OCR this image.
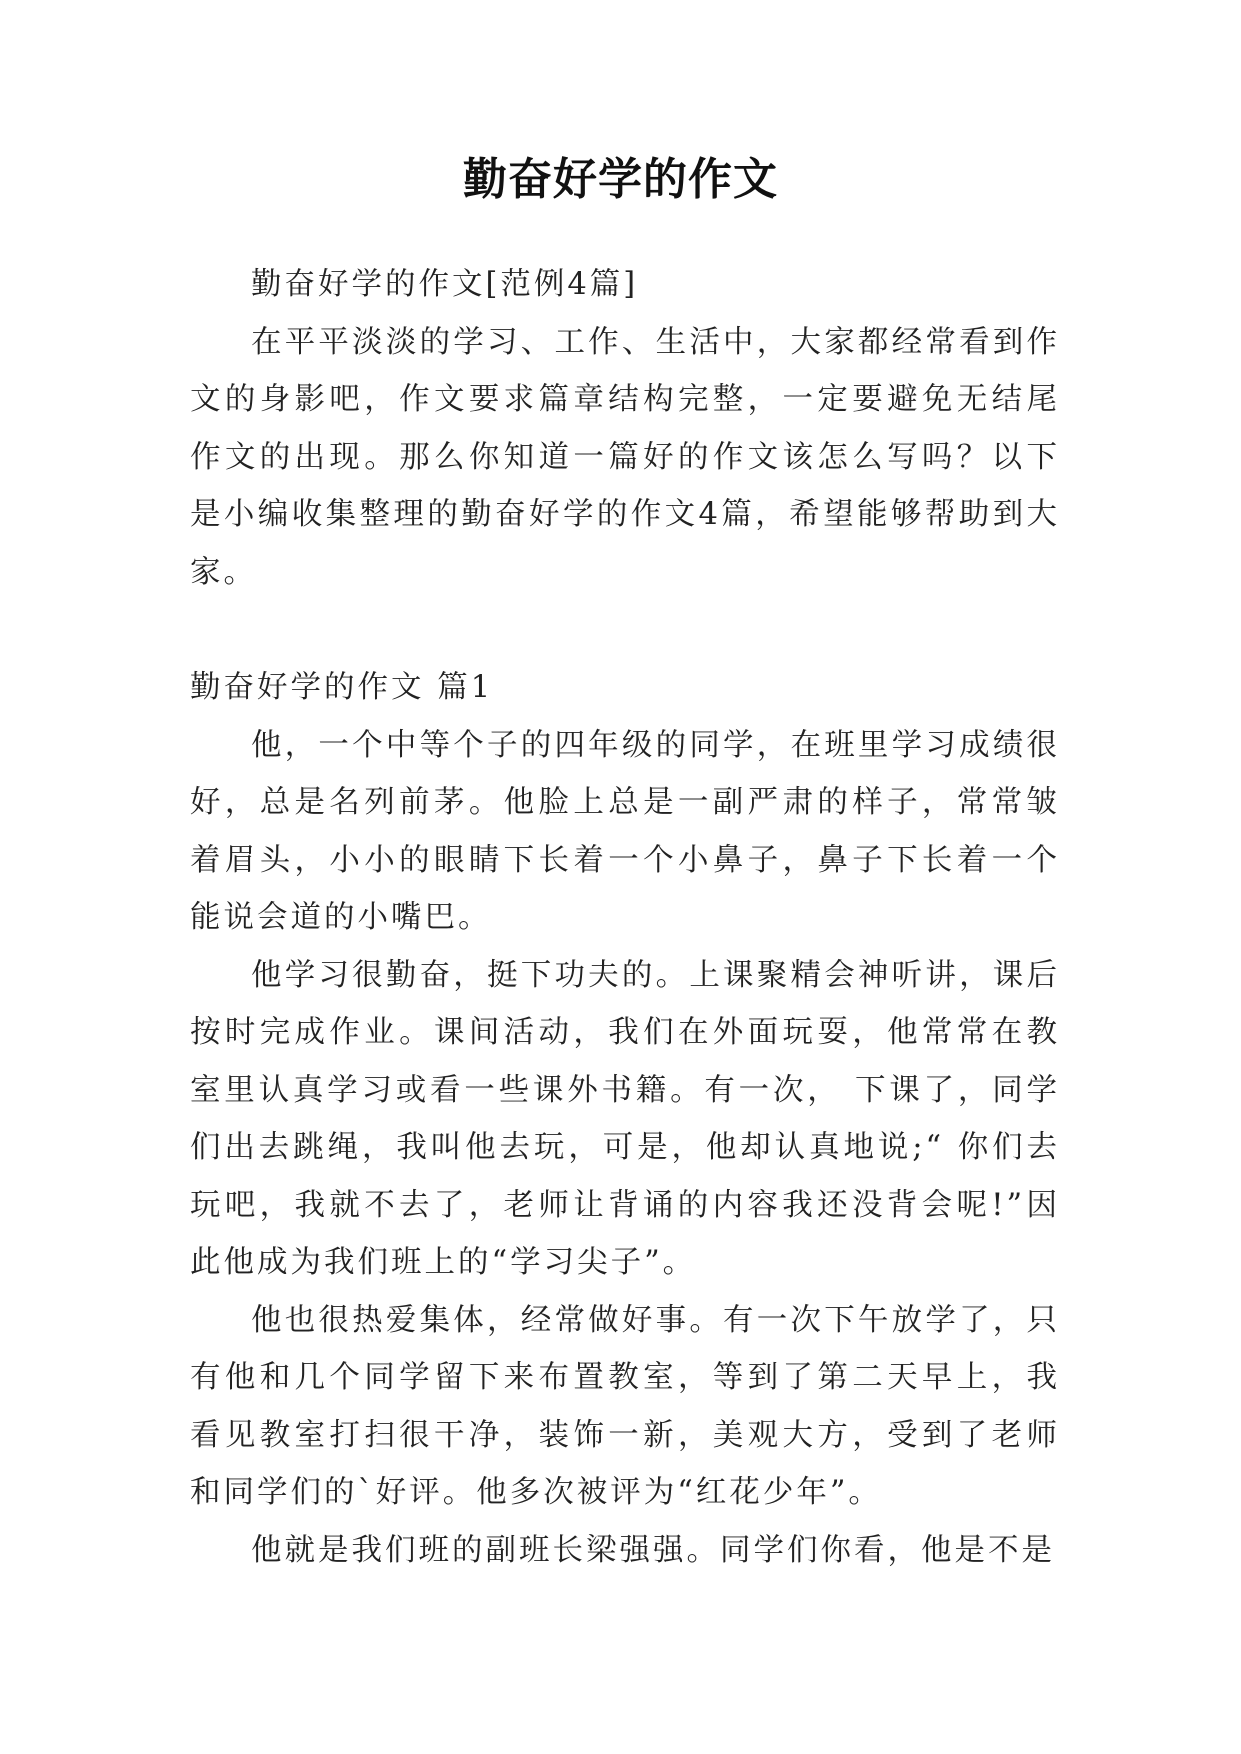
勤奋好学的作文

勤奋好学的作文[范例4篇]

在平平淡淡的学习、工作、生活中，大家都经常看到作文的身影吧，作文要求篇章结构完整，一定要避免无结尾作文的出现。那么你知道一篇好的作文该怎么写吗？以下是小编收集整理的勤奋好学的作文4篇，希望能够帮助到大家。

勤奋好学的作文 篇1

他，一个中等个子的四年级的同学，在班里学习成绩很好，总是名列前茅。他脸上总是一副严肃的样子，常常皱着眉头，小小的眼睛下长着一个小鼻子，鼻子下长着一个能说会道的小嘴巴。

他学习很勤奋，挺下功夫的。上课聚精会神听讲，课后按时完成作业。课间活动，我们在外面玩耍，他常常在教室里认真学习或看一些课外书籍。有一次， 下课了，同学们出去跳绳，我叫他去玩，可是，他却认真地说;“ 你们去玩吧，我就不去了，老师让背诵的内容我还没背会呢!”因此他成为我们班上的“学习尖子”。

他也很热爱集体，经常做好事。有一次下午放学了，只有他和几个同学留下来布置教室，等到了第二天早上，我看见教室打扫很干净，装饰一新，美观大方，受到了老师和同学们的`好评。他多次被评为“红花少年”。

他就是我们班的副班长梁强强。同学们你看，他是不是
